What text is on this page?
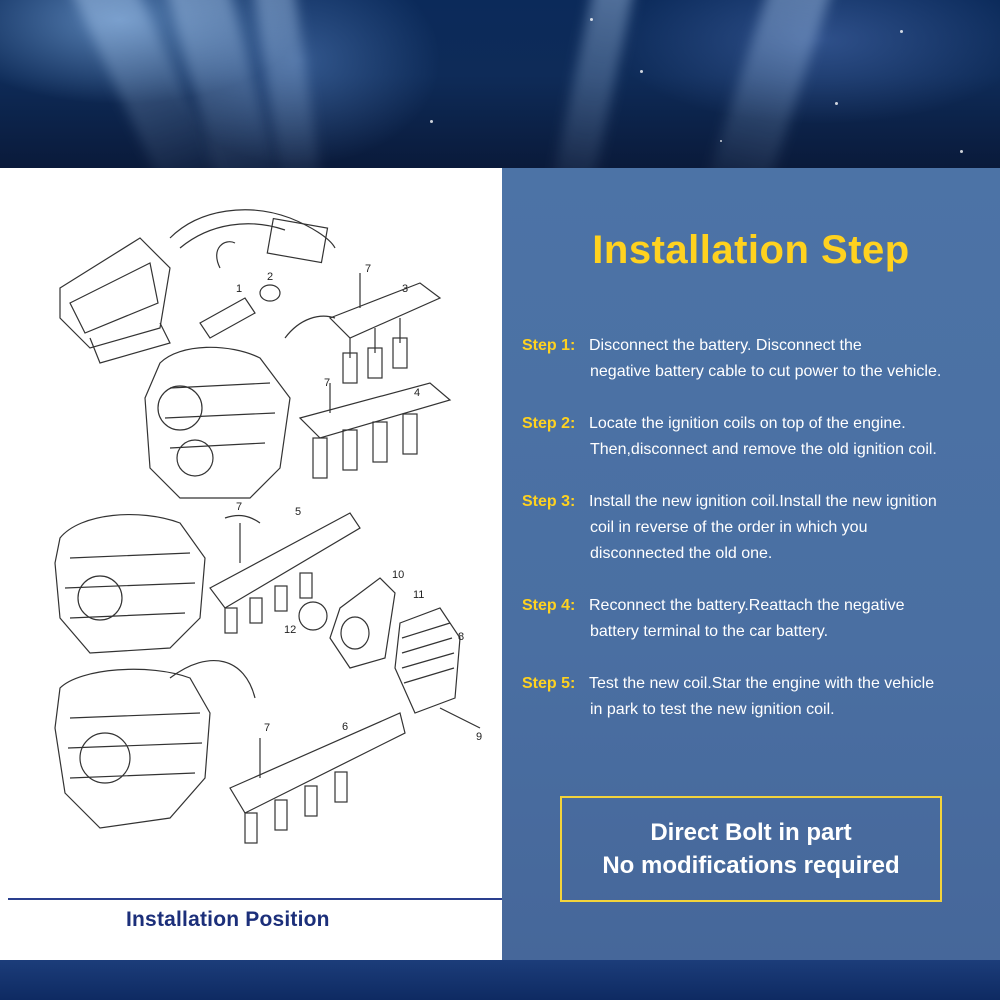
1
2
3
4
5
6
7
7
7
7
8
9
10
11
12
Installation Position
Installation Step
Step 1: Disconnect the battery. Disconnect the
negative battery cable to cut power to the vehicle.
Step 2: Locate the ignition coils on top of the engine.
Then,disconnect and remove the old ignition coil.
Step 3: Install the new ignition coil.Install the new ignition
coil in reverse of the order in which you
disconnected the old one.
Step 4: Reconnect the battery.Reattach the negative
battery terminal to the car battery.
Step 5: Test the new coil.Star the engine with the vehicle
in park to test the new ignition coil.
Direct Bolt in part
No modifications required
